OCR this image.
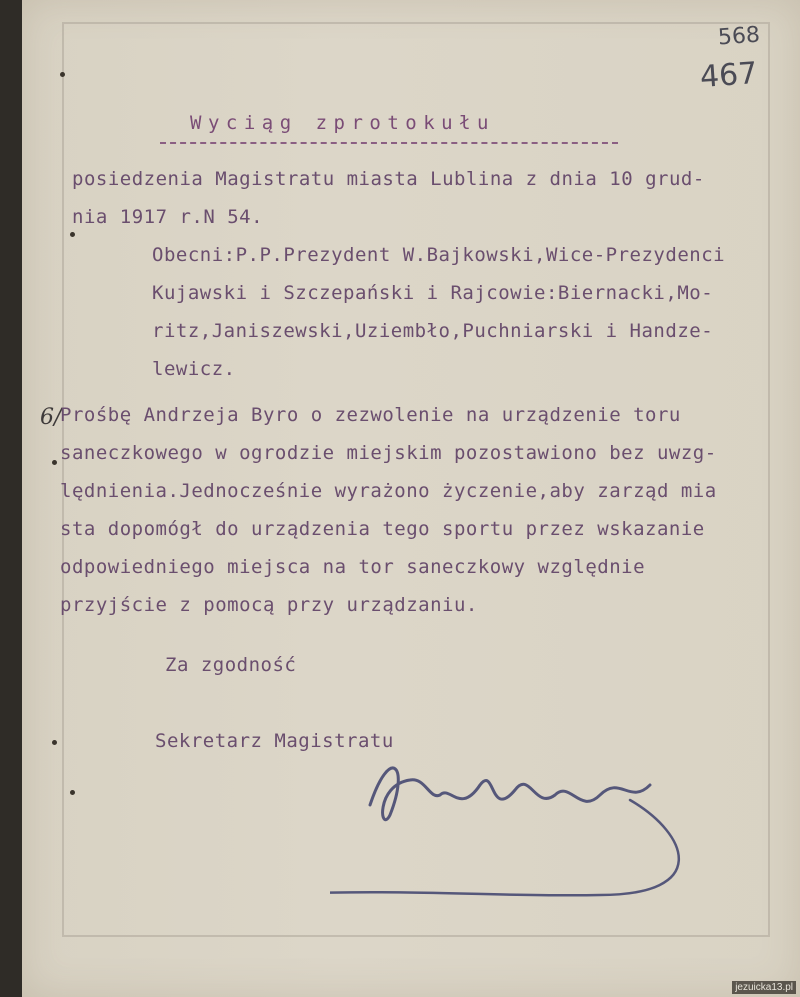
568
467
Wyciąg zprotokułu
posiedzenia Magistratu miasta Lublina z dnia 10 grud-
nia 1917 r.N 54.
Obecni:P.P.Prezydent W.Bajkowski,Wice-Prezydenci
Kujawski i Szczepański i Rajcowie:Biernacki,Mo-
ritz,Janiszewski,Uziembło,Puchniarski i Handze-
lewicz.
6/
Prośbę Andrzeja Byro o zezwolenie na urządzenie toru
saneczkowego w ogrodzie miejskim pozostawiono bez uwzg-
lędnienia.Jednocześnie wyrażono życzenie,aby zarząd mia
sta dopomógł do urządzenia tego sportu przez wskazanie
odpowiedniego miejsca na tor saneczkowy względnie
przyjście z pomocą przy urządzaniu.
Za zgodność
Sekretarz Magistratu
jezuicka13.pl
